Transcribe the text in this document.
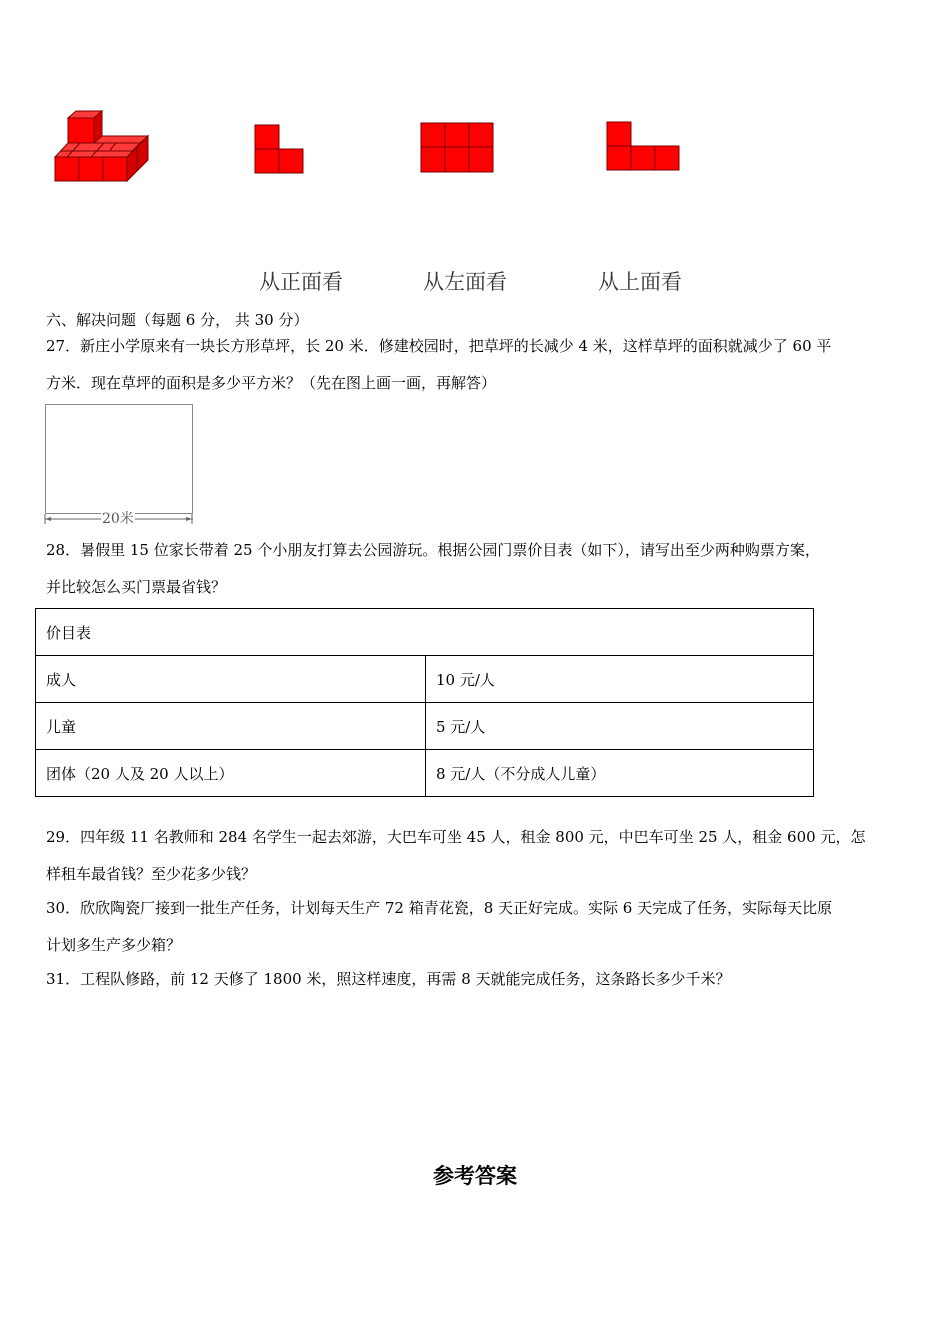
从正面看	从左面看	从上面看
六、解决问题（每题 6 分， 共 30 分）
27．新庄小学原来有一块长方形草坪，长 20 米．修建校园时，把草坪的长减少 4 米，这样草坪的面积就减少了 60 平
方米．现在草坪的面积是多少平方米？（先在图上画一画，再解答）
20米
28．暑假里 15 位家长带着 25 个小朋友打算去公园游玩。根据公园门票价目表（如下），请写出至少两种购票方案，
并比较怎么买门票最省钱？
价目表	
成人	10 元/人
儿童	5 元/人
团体（20 人及 20 人以上）	8 元/人（不分成人儿童）
29．四年级 11 名教师和 284 名学生一起去郊游，大巴车可坐 45 人，租金 800 元，中巴车可坐 25 人，租金 600 元，怎
样租车最省钱？至少花多少钱？
30．欣欣陶瓷厂接到一批生产任务，计划每天生产 72 箱青花瓷，8 天正好完成。实际 6 天完成了任务，实际每天比原
计划多生产多少箱？
31．工程队修路，前 12 天修了 1800 米，照这样速度，再需 8 天就能完成任务，这条路长多少千米？
参考答案
